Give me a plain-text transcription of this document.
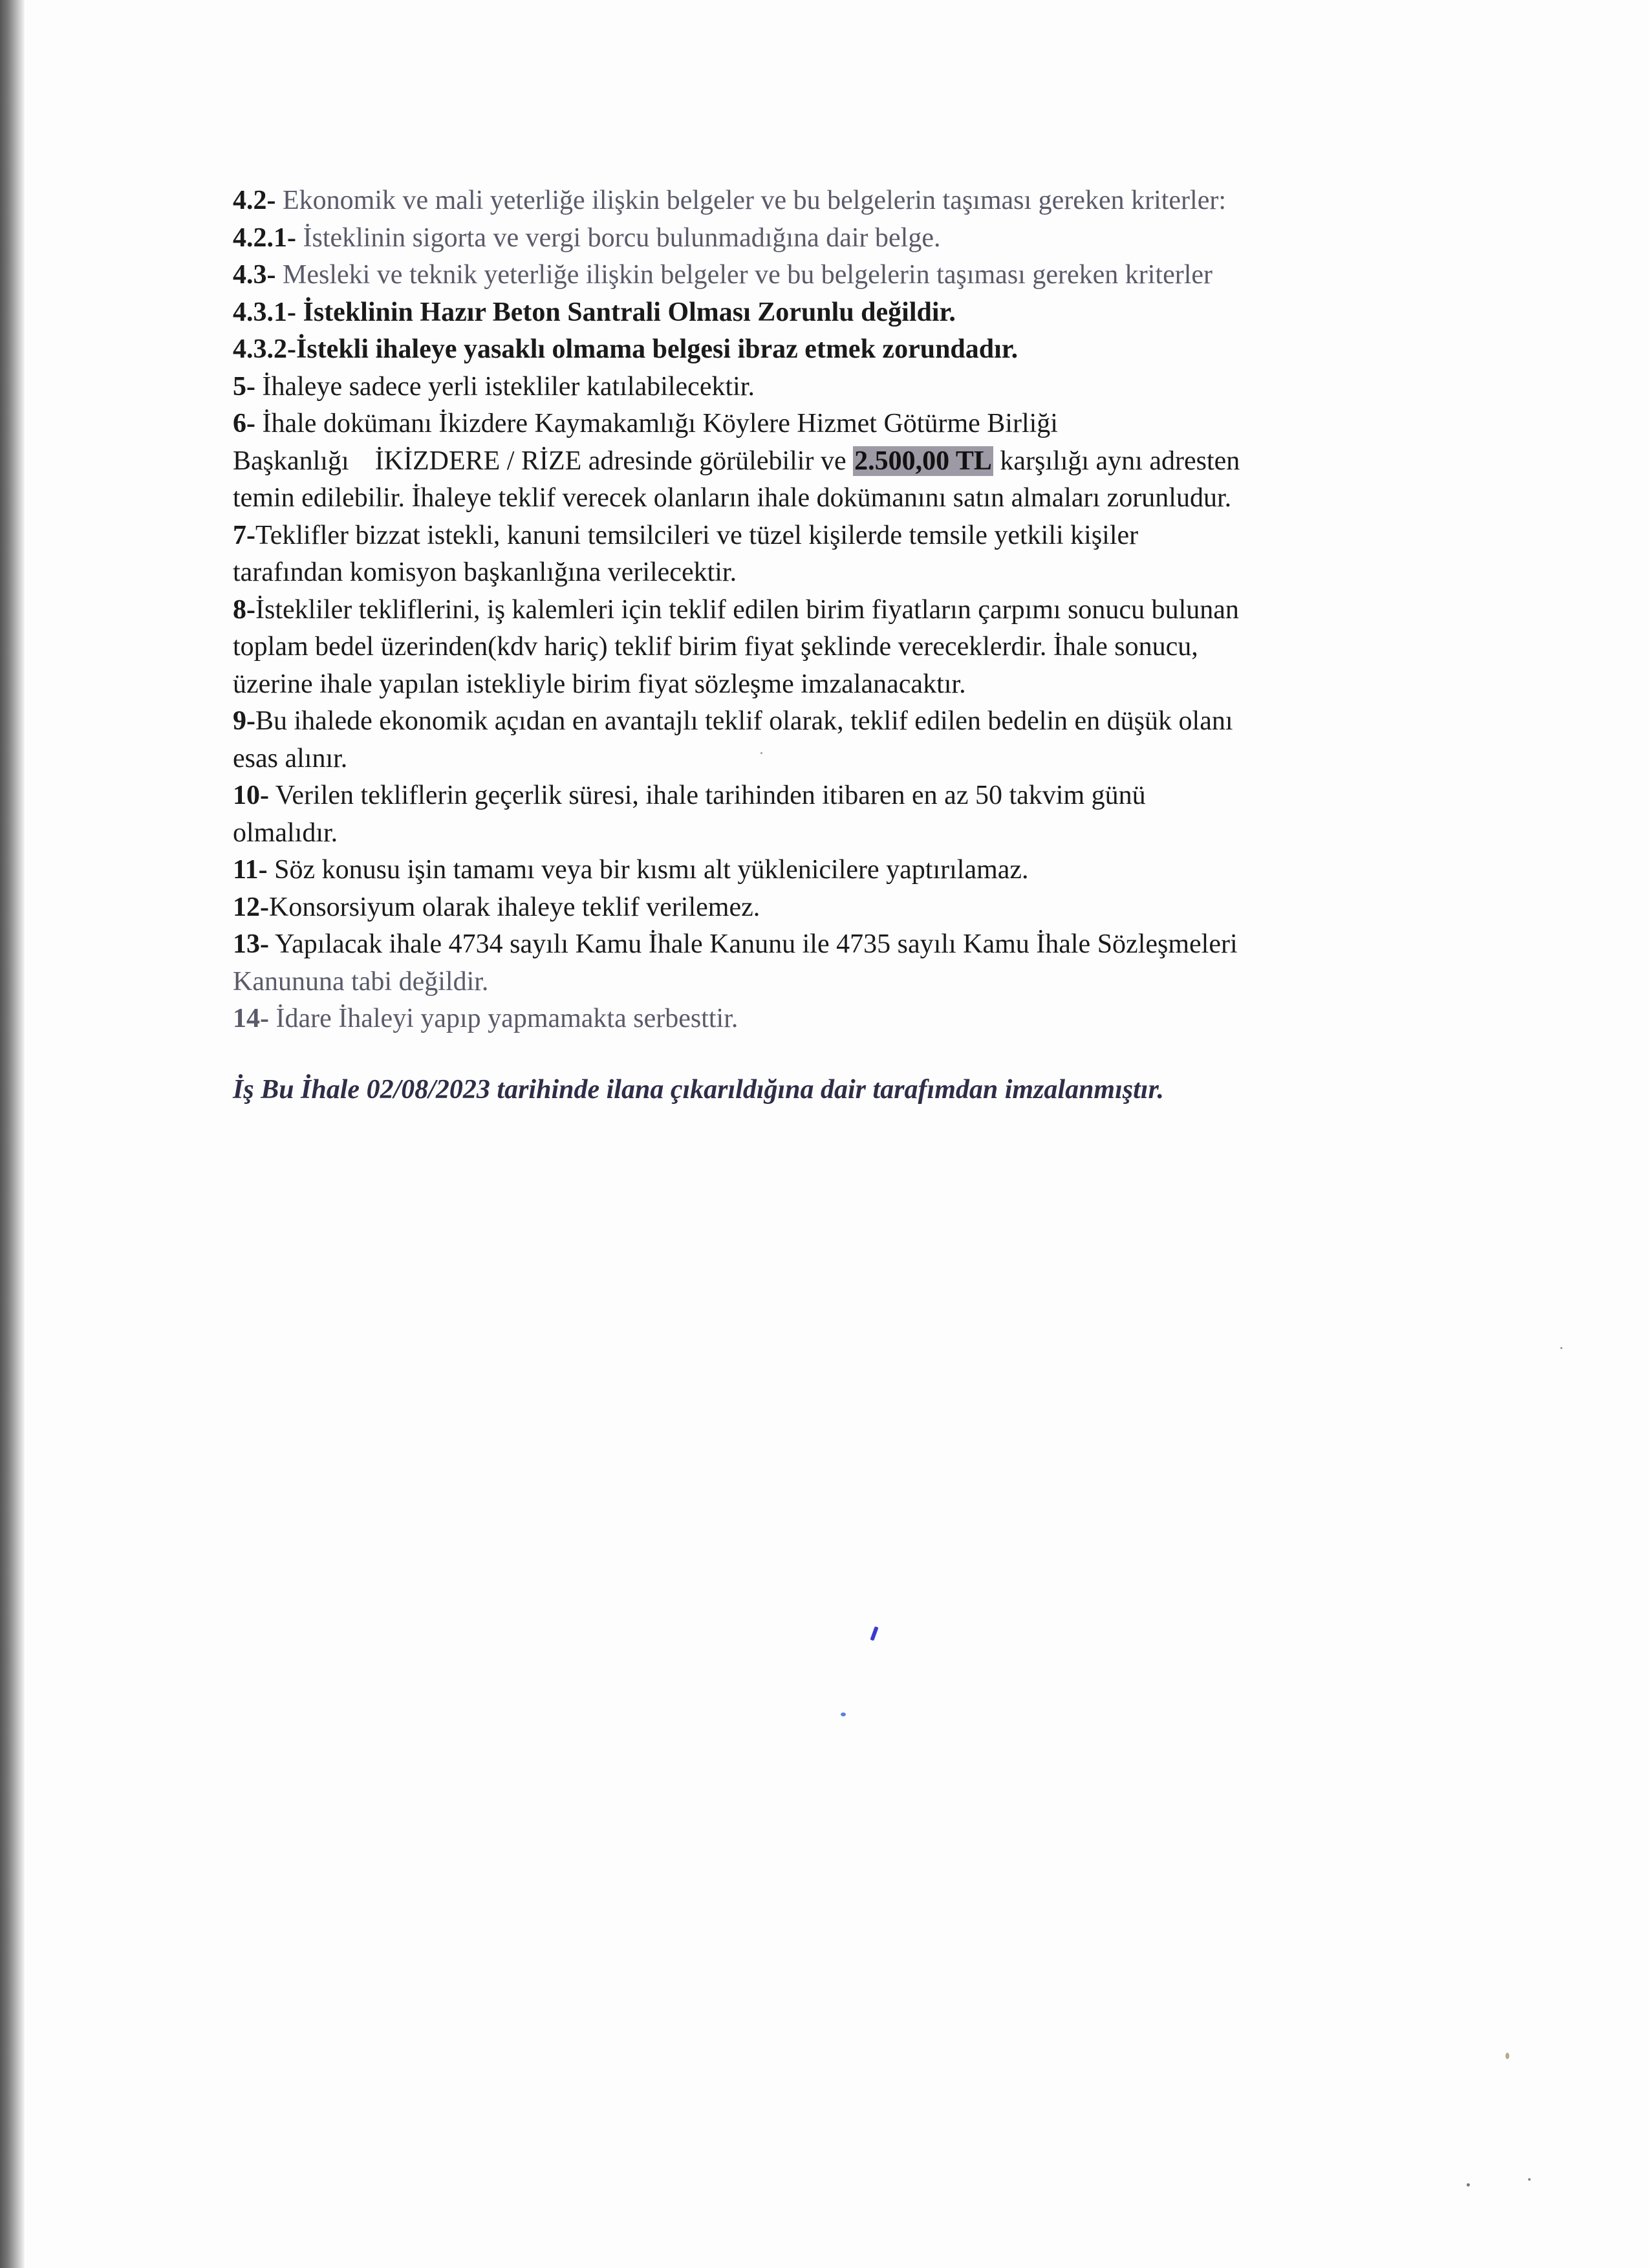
4.2- Ekonomik ve mali yeterliğe ilişkin belgeler ve bu belgelerin taşıması gereken kriterler:
4.2.1- İsteklinin sigorta ve vergi borcu bulunmadığına dair belge.
4.3- Mesleki ve teknik yeterliğe ilişkin belgeler ve bu belgelerin taşıması gereken kriterler
4.3.1- İsteklinin Hazır Beton Santrali Olması Zorunlu değildir.
4.3.2-İstekli ihaleye yasaklı olmama belgesi ibraz etmek zorundadır.
5- İhaleye sadece yerli istekliler katılabilecektir.
6- İhale dokümanı İkizdere Kaymakamlığı Köylere Hizmet Götürme Birliği
Başkanlığı İKİZDERE / RİZE adresinde görülebilir ve 2.500,00 TL karşılığı aynı adresten
temin edilebilir. İhaleye teklif verecek olanların ihale dokümanını satın almaları zorunludur.
7-Teklifler bizzat istekli, kanuni temsilcileri ve tüzel kişilerde temsile yetkili kişiler
tarafından komisyon başkanlığına verilecektir.
8-İstekliler tekliflerini, iş kalemleri için teklif edilen birim fiyatların çarpımı sonucu bulunan
toplam bedel üzerinden(kdv hariç) teklif birim fiyat şeklinde vereceklerdir. İhale sonucu,
üzerine ihale yapılan istekliyle birim fiyat sözleşme imzalanacaktır.
9-Bu ihalede ekonomik açıdan en avantajlı teklif olarak, teklif edilen bedelin en düşük olanı
esas alınır.
10- Verilen tekliflerin geçerlik süresi, ihale tarihinden itibaren en az 50 takvim günü
olmalıdır.
11- Söz konusu işin tamamı veya bir kısmı alt yüklenicilere yaptırılamaz.
12-Konsorsiyum olarak ihaleye teklif verilemez.
13- Yapılacak ihale 4734 sayılı Kamu İhale Kanunu ile 4735 sayılı Kamu İhale Sözleşmeleri
Kanununa tabi değildir.
14- İdare İhaleyi yapıp yapmamakta serbesttir.
İş Bu İhale 02/08/2023 tarihinde ilana çıkarıldığına dair tarafımdan imzalanmıştır.
